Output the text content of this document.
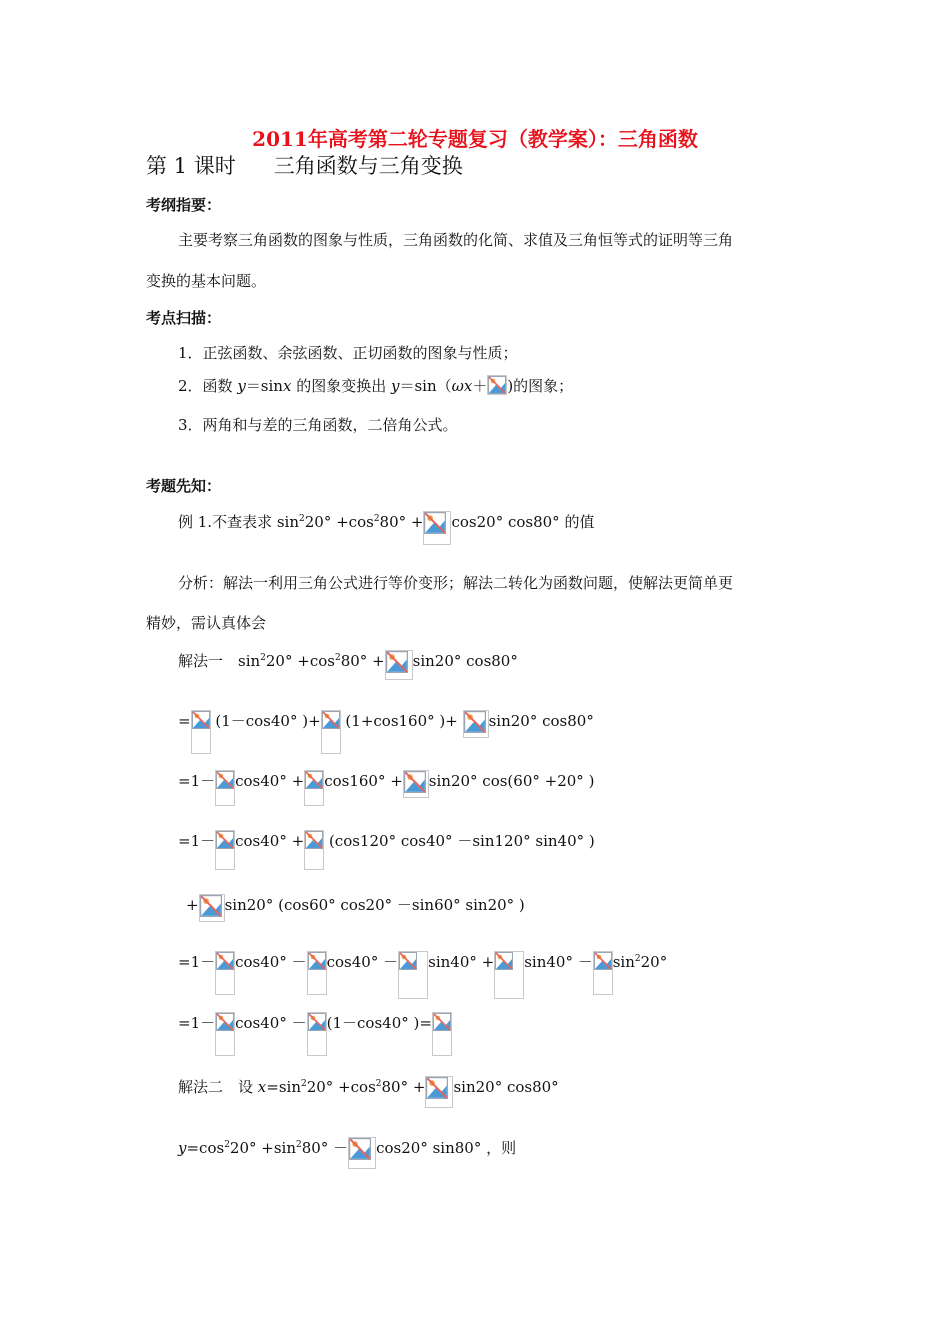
2011年高考第二轮专题复习（教学案）：三角函数
第 1 课时 三角函数与三角变换
考纲指要：
主要考察三角函数的图象与性质，三角函数的化简、求值及三角恒等式的证明等三角
变换的基本问题。
考点扫描：
1．正弦函数、余弦函数、正切函数的图象与性质；
2．函数 y＝sinx 的图象变换出 y＝sin（ωx＋ )的图象；
3．两角和与差的三角函数，二倍角公式。
考题先知：
例 1.不查表求 $\sin^220^\circ +\cos^280^\circ + \cos 20^\circ$ cos80° 的值
分析：解法一利用三角公式进行等价变形；解法二转化为函数问题，使解法更简单更
精妙，需认真体会
解法一　$\sin^220^\circ +\cos^280^\circ + \sin 20^\circ$ cos80°
=
(1－cos40° )+
(1+cos160° )+
sin20° cos80°
=1－ cos40° + cos160° + sin20° cos(60° +20° )
=1－ cos40° +
(cos120° cos40° －sin120° sin40° )
+ sin20° (cos60° cos20° －sin60° sin20° )
$=1- \cos 40^\circ - \cos 40^\circ - \sin 40^\circ + \sin 40^\circ - \sin^220^\circ$
=1－ cos40° － (1－cos40° )=
解法二　设 $x=\sin^220^\circ +\cos^280^\circ + \sin 20^\circ$ cos80°
$y=\cos^220^\circ +\sin^280^\circ - \cos 20^\circ$ sin80° ，则
